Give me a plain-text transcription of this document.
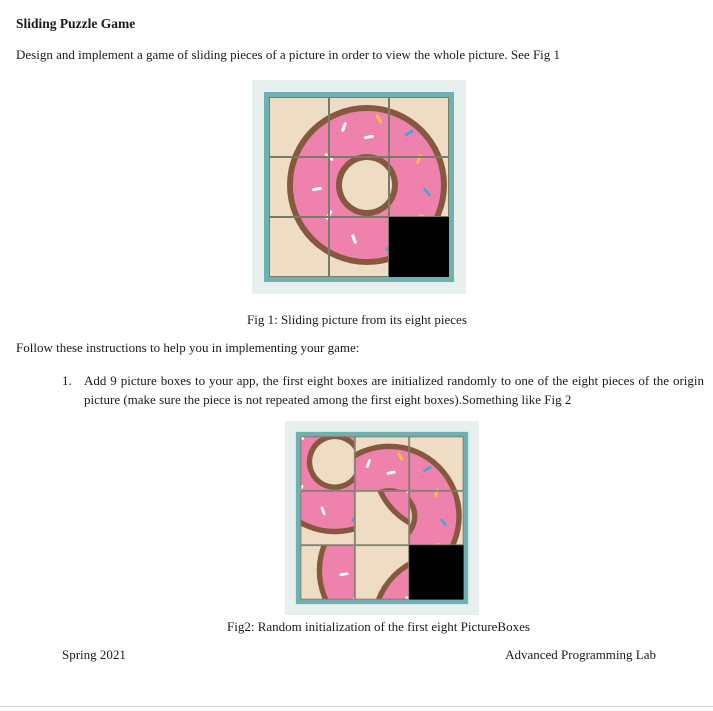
Sliding Puzzle Game
Design and implement a game of sliding pieces of a picture in order to view the whole picture. See Fig 1
Fig 1: Sliding picture from its eight pieces
Follow these instructions to help you in implementing your game:
1. Add 9 picture boxes to your app, the first eight boxes are initialized randomly to one of the eight pieces of the origin picture (make sure the piece is not repeated among the first eight boxes).Something like Fig 2
Fig2: Random initialization of the first eight PictureBoxes
Spring 2021	Advanced Programming Lab
